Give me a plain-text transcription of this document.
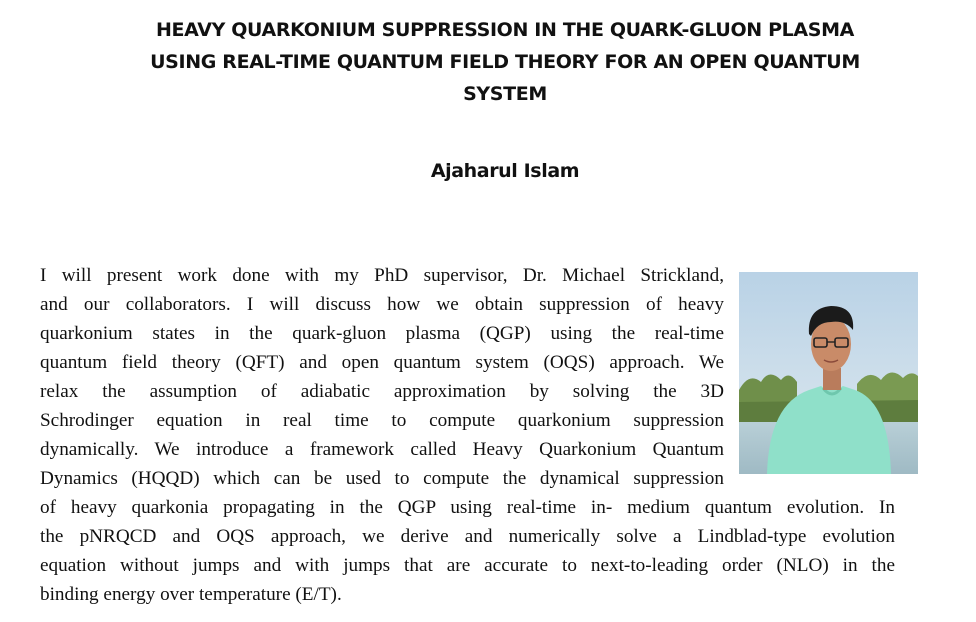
HEAVY QUARKONIUM SUPPRESSION IN THE QUARK-GLUON PLASMA
USING REAL-TIME QUANTUM FIELD THEORY FOR AN OPEN QUANTUM
SYSTEM
Ajaharul Islam
I will present work done with my PhD supervisor, Dr. Michael Strickland,
and our collaborators. I will discuss how we obtain suppression of heavy
quarkonium states in the quark-gluon plasma (QGP) using the real-time
quantum field theory (QFT) and open quantum system (OQS) approach. We
relax the assumption of adiabatic approximation by solving the 3D
Schrodinger equation in real time to compute quarkonium suppression
dynamically. We introduce a framework called Heavy Quarkonium Quantum
Dynamics (HQQD) which can be used to compute the dynamical suppression
of heavy quarkonia propagating in the QGP using real-time in- medium quantum evolution. In
the pNRQCD and OQS approach, we derive and numerically solve a Lindblad-type evolution
equation without jumps and with jumps that are accurate to next-to-leading order (NLO) in the
binding energy over temperature (E/T).
